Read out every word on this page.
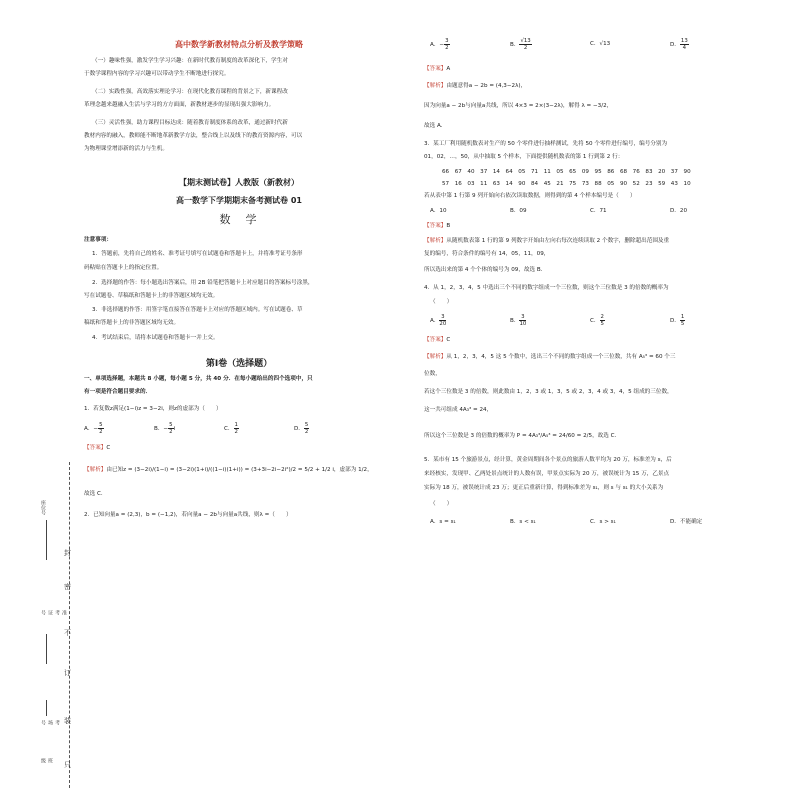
封
密
不
订
装
只
座位号
准考证号
考场号
班级
高中数学新教材特点分析及教学策略
（一）趣味性强，激发学生学习兴趣：在新时代教育制度的改革深化下，学生对
于数学课程内容的学习兴趣可以带动学生不断地进行探究。
（二）实践性强，高效落实理论学习：在现代化教育课程的背景之下，新课程改
革理念越来越融入生活与学习的方方面面，新教材逐步的显现出强大影响力。
（三）灵活性强，助力课程目标达成：随着教育制度体系的改革，通过新时代新
教材内容的融入，教师能不断地革新教学方法，整合线上以及线下的教育资源内容，可以
为物理课堂增添新的活力与生机。
【期末测试卷】人教版（新教材）
高一数学下学期期末备考测试卷 01
数　学
注意事项：
1．答题前，先将自己的姓名、准考证号填写在试题卷和答题卡上，并将准考证号条形
码粘贴在答题卡上的指定位置。
2．选择题的作答：每小题选出答案后，用 2B 铅笔把答题卡上对应题目的答案标号涂黑，
写在试题卷、草稿纸和答题卡上的非答题区域均无效。
3．非选择题的作答：用签字笔直接答在答题卡上对应的答题区域内。写在试题卷、草
稿纸和答题卡上的非答题区域均无效。
4．考试结束后，请将本试题卷和答题卡一并上交。
第Ⅰ卷（选择题）
一、单项选择题，本题共 8 小题，每小题 5 分，共 40 分．在每小题给出的四个选项中，只
有一项是符合题目要求的．
1．若复数z满足(1−i)z = 3−2i，则z的虚部为（　　）
A．− $\frac{5}{2}$	B．− $\frac{5}{2}$ i	C． $\frac{1}{2}$	D． $\frac{5}{2}$
【答案】C
【解析】由已知z = (3−2i)/(1−i) = (3−2i)(1+i)/((1−i)(1+i)) = (3+3i−2i−2i²)/2 = 5/2 + 1/2 i，虚部为 1/2，
故选 C．
2．已知向量a = (2,3)，b = (−1,2)，若向量a − 2b与向量a共线，则λ =（　　）
A．− $\frac{3}{2}$	B． $\frac{√13}{2}$	C．√13	D． $\frac{13}{4}$
【答案】A
【解析】由题意得a − 2b = (4,3−2λ)，
因为向量a − 2b与向量a共线，所以 4×3 = 2×(3−2λ)，解得 λ = −3/2，
故选 A．
3．某工厂利用随机数表对生产的 50 个零件进行抽样测试，先将 50 个零件进行编号，编号分别为
01，02，…，50，从中抽取 5 个样本，下面提供随机数表的第 1 行到第 2 行：
66　67　40　37　14　64　05　71　11　05　65　09　95　86　68　76　83　20　37　90
57　16　03　11　63　14　90　84　45　21　75　73　88　05　90　52　23　59　43　10
若从表中第 1 行第 9 列开始向右依次读取数据，则得到的第 4 个样本编号是（　　）
A．10	B．09	C．71	D．20
【答案】B
【解析】从随机数表第 1 行的第 9 列数字开始由左向右每次连续读取 2 个数字，删除超出范围及重
复的编号，符合条件的编号有 14，05，11，09，
所以选出来的第 4 个个体的编号为 09，故选 B．
4．从 1，2，3，4，5 中选出三个不同的数字组成一个三位数，则这个三位数是 3 的倍数的概率为
（　　）
A． $\frac{3}{20}$	B． $\frac{3}{10}$	C． $\frac{2}{5}$	D． $\frac{1}{5}$
【答案】C
【解析】从 1，2，3，4，5 这 5 个数中，选出三个不同的数字组成一个三位数，共有 A₅³ = 60 个三
位数，
若这个三位数是 3 的倍数，则此数由 1，2，3 或 1，3，5 或 2，3，4 或 3，4，5 组成的三位数，
这一共可组成 4A₃³ = 24，
所以这个三位数是 3 的倍数的概率为 P = 4A₃³/A₅³ = 24/60 = 2/5，故选 C．
5．某市有 15 个旅游景点，经计算，黄金周期间各个景点的旅游人数平均为 20 万，标准差为 s，后
来经核实，发现甲、乙两处景点统计的人数有误，甲景点实际为 20 万，被误统计为 15 万，乙景点
实际为 18 万，被误统计成 23 万；更正后重新计算，得到标准差为 s₁，则 s 与 s₁ 的大小关系为
（　　）
A．s = s₁	B．s < s₁	C．s > s₁	D．不能确定
